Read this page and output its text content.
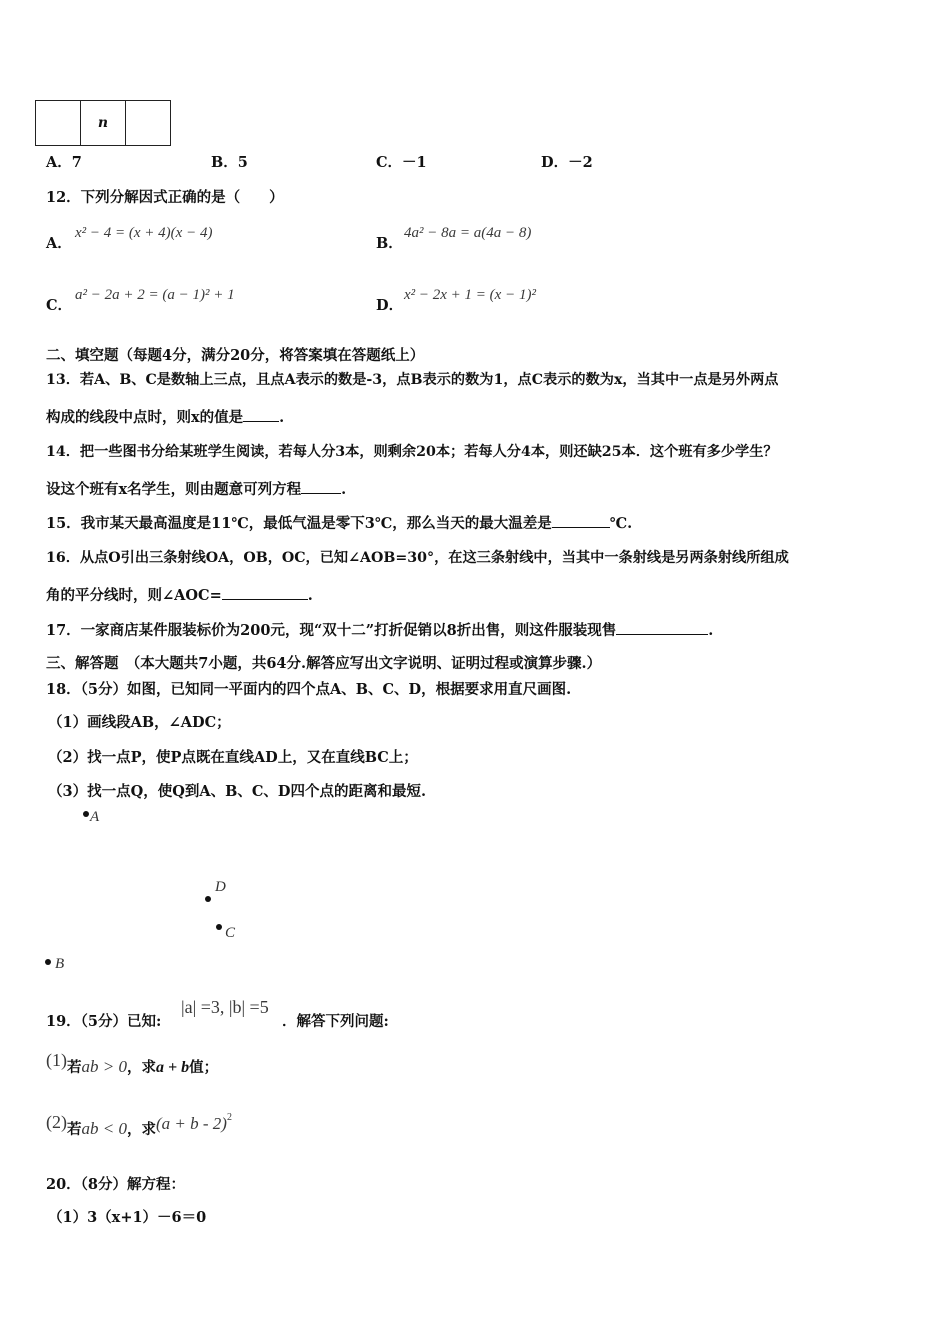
	n	
A．7	B．5	C．－1	D．－2
12．下列分解因式正确的是（　　）
A．
x² − 4 = (x + 4)(x − 4)
B．
4a² − 8a = a(4a − 8)
C．
a² − 2a + 2 = (a − 1)² + 1
D．
x² − 2x + 1 = (x − 1)²
二、填空题（每题4分，满分20分，将答案填在答题纸上）
13．若A、B、C是数轴上三点，且点A表示的数是-3，点B表示的数为1，点C表示的数为x，当其中一点是另外两点
构成的线段中点时，则x的值是 .
14．把一些图书分给某班学生阅读，若每人分3本，则剩余20本；若每人分4本，则还缺25本．这个班有多少学生？
设这个班有x名学生，则由题意可列方程	.
15．我市某天最高温度是11℃，最低气温是零下3℃，那么当天的最大温差是	℃.
16．从点O引出三条射线OA，OB，OC，已知∠AOB=30°，在这三条射线中，当其中一条射线是另两条射线所组成
角的平分线时，则∠AOC=	.
17．一家商店某件服装标价为200元，现“双十二”打折促销以8折出售，则这件服装现售	.
三、解答题　（本大题共7小题，共64分.解答应写出文字说明、证明过程或演算步骤.）
18．（5分）如图，已知同一平面内的四个点A、B、C、D，根据要求用直尺画图.
（1）画线段AB，∠ADC；
（2）找一点P，使P点既在直线AD上，又在直线BC上；
（3）找一点Q，使Q到A、B、C、D四个点的距离和最短.
A
D
C
B
19．（5分）已知:
|a| =3, |b| =5
．解答下列问题:
(1)若ab > 0，求a + b值；
(2)若ab < 0，求$(a + b - 2)^2$
20．（8分）解方程：
（1）3（x+1）－6＝0
